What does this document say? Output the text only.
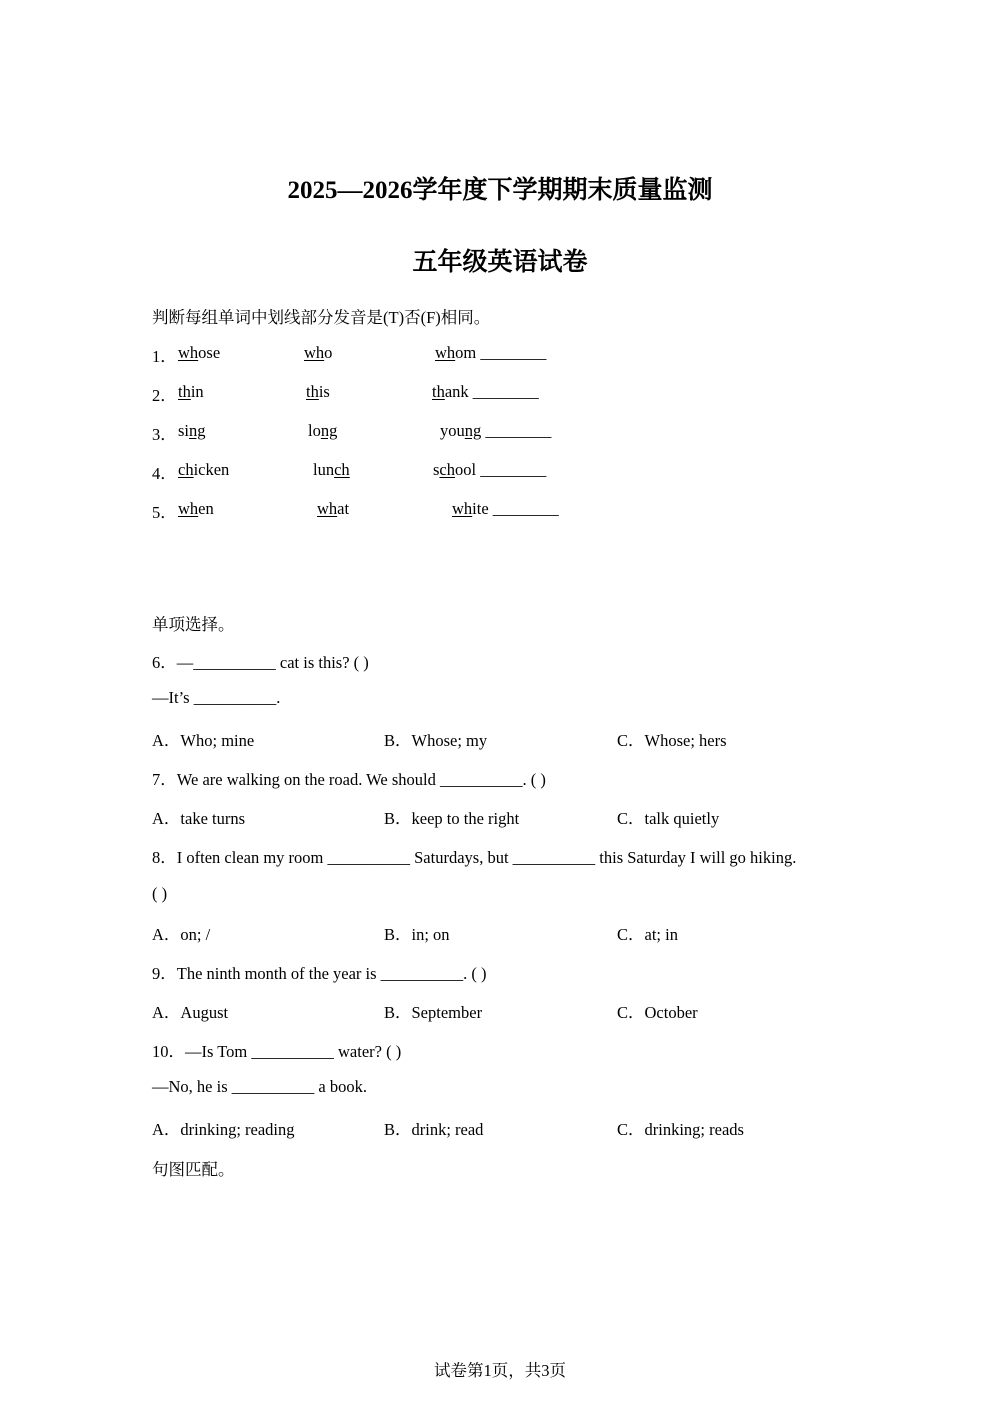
2025—2026学年度下学期期末质量监测
五年级英语试卷
判断每组单词中划线部分发音是(T)否(F)相同。
1． whose	who	whom ________
2． thin	this	thank ________
3． sing	long	young ________
4． chicken	lunch	school ________
5． when	what	white ________
单项选择。
6．—__________ cat is this? ( )
—It’s __________.
A．Who; mine	B．Whose; my	C．Whose; hers
7．We are walking on the road. We should __________. ( )
A．take turns	B．keep to the right	C．talk quietly
8．I often clean my room __________ Saturdays, but __________ this Saturday I will go hiking.
( )
A．on; /	B．in; on	C．at; in
9．The ninth month of the year is __________. ( )
A．August	B．September	C．October
10．—Is Tom __________ water? ( )
—No, he is __________ a book.
A．drinking; reading	B．drink; read	C．drinking; reads
句图匹配。
试卷第1页，共3页
